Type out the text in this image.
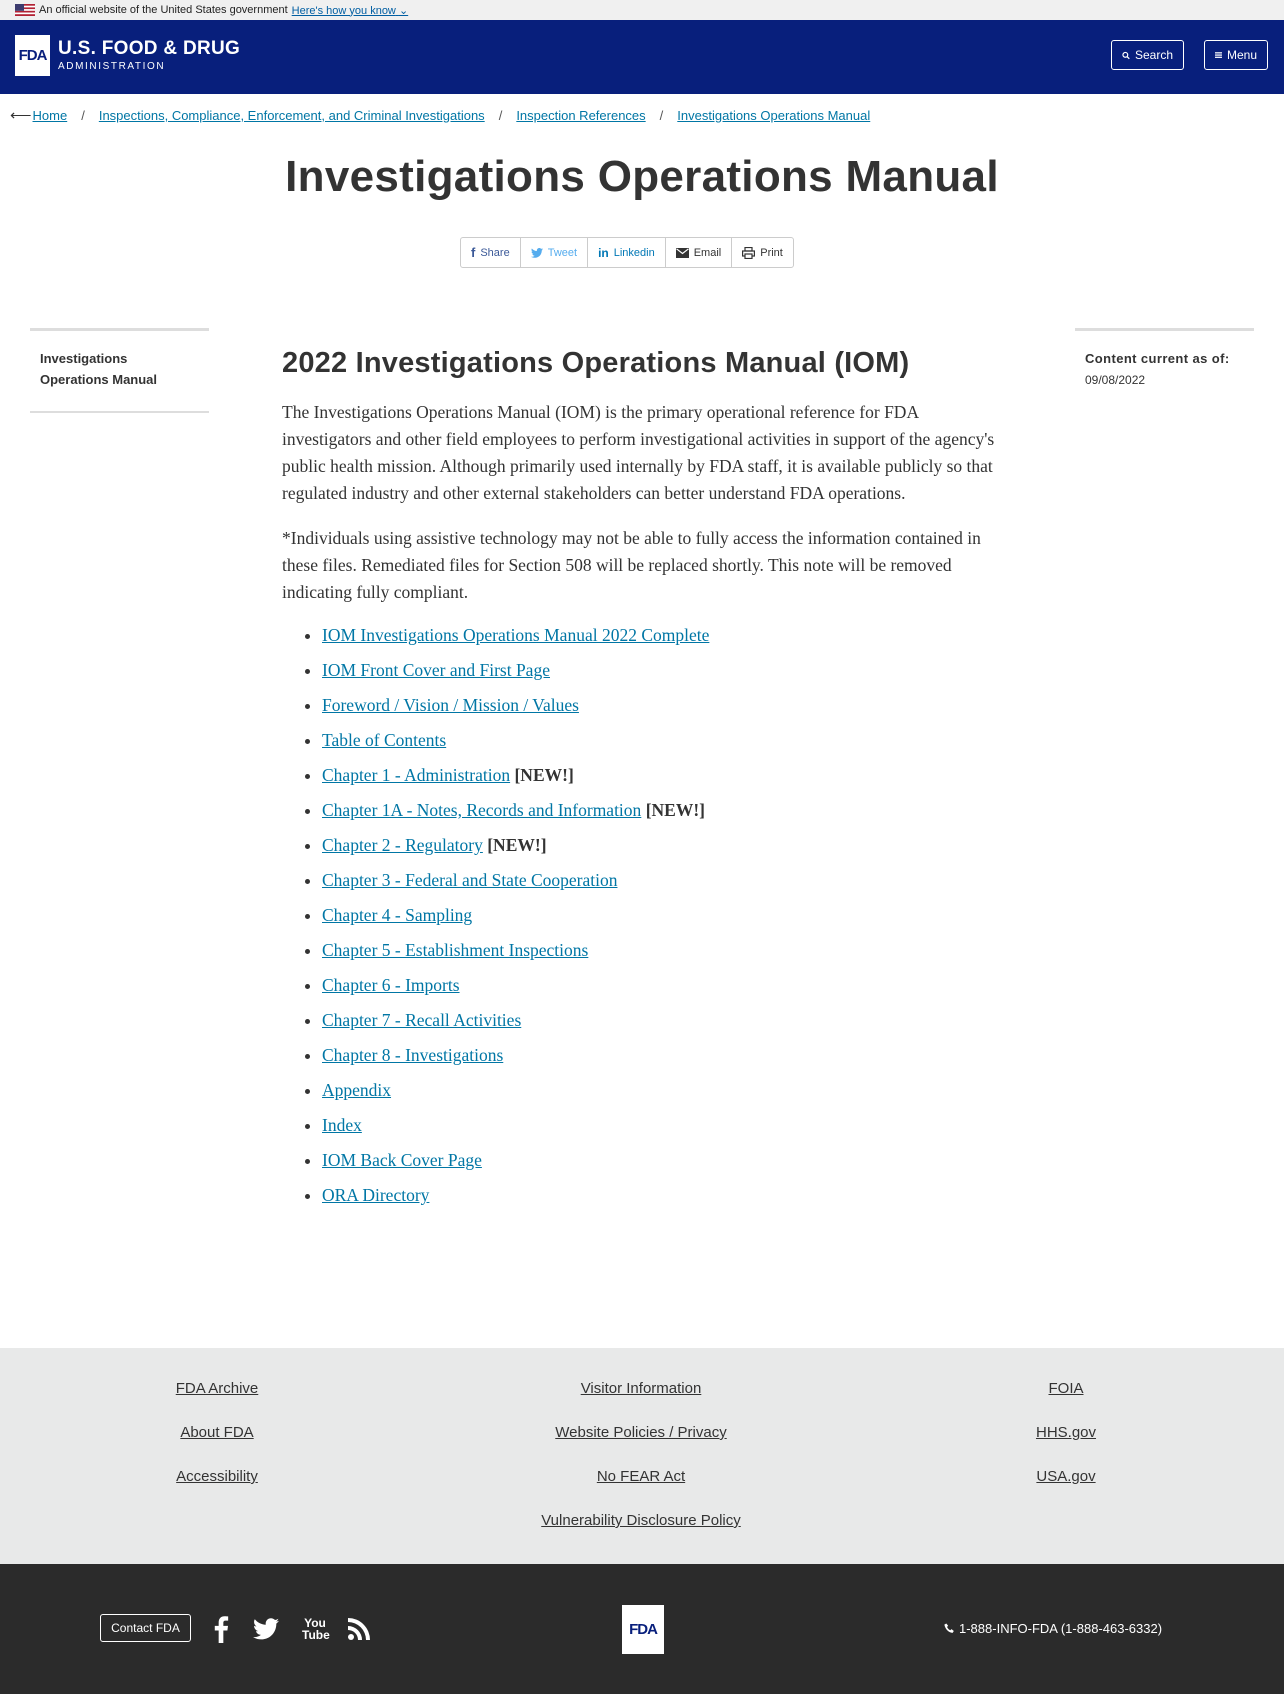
An official website of the United States government Here's how you know ⌄
FDA U.S. FOOD & DRUG
ADMINISTRATION
Search	Menu
⟵ Home / Inspections, Compliance, Enforcement, and Criminal Investigations / Inspection References / Investigations Operations Manual
Investigations Operations Manual
f Share	Tweet in Linkedin	Email	Print
Investigations Operations Manual
Content current as of:
09/08/2022
2022 Investigations Operations Manual (IOM)

The Investigations Operations Manual (IOM) is the primary operational reference for FDA investigators and other field employees to perform investigational activities in support of the agency's public health mission. Although primarily used internally by FDA staff, it is available publicly so that regulated industry and other external stakeholders can better understand FDA operations.

*Individuals using assistive technology may not be able to fully access the information contained in these files. Remediated files for Section 508 will be replaced shortly. This note will be removed indicating fully compliant.

• IOM Investigations Operations Manual 2022 Complete
• IOM Front Cover and First Page
• Foreword / Vision / Mission / Values
• Table of Contents
• Chapter 1 - Administration [NEW!]
• Chapter 1A - Notes, Records and Information [NEW!]
• Chapter 2 - Regulatory [NEW!]
• Chapter 3 - Federal and State Cooperation
• Chapter 4 - Sampling
• Chapter 5 - Establishment Inspections
• Chapter 6 - Imports
• Chapter 7 - Recall Activities
• Chapter 8 - Investigations
• Appendix
• Index
• IOM Back Cover Page
• ORA Directory
FDA Archive
About FDA
Accessibility
Visitor Information
Website Policies / Privacy
No FEAR Act
Vulnerability Disclosure Policy
FOIA
HHS.gov
USA.gov
Contact FDA	You Tube	FDA	1-888-INFO-FDA (1-888-463-6332)
